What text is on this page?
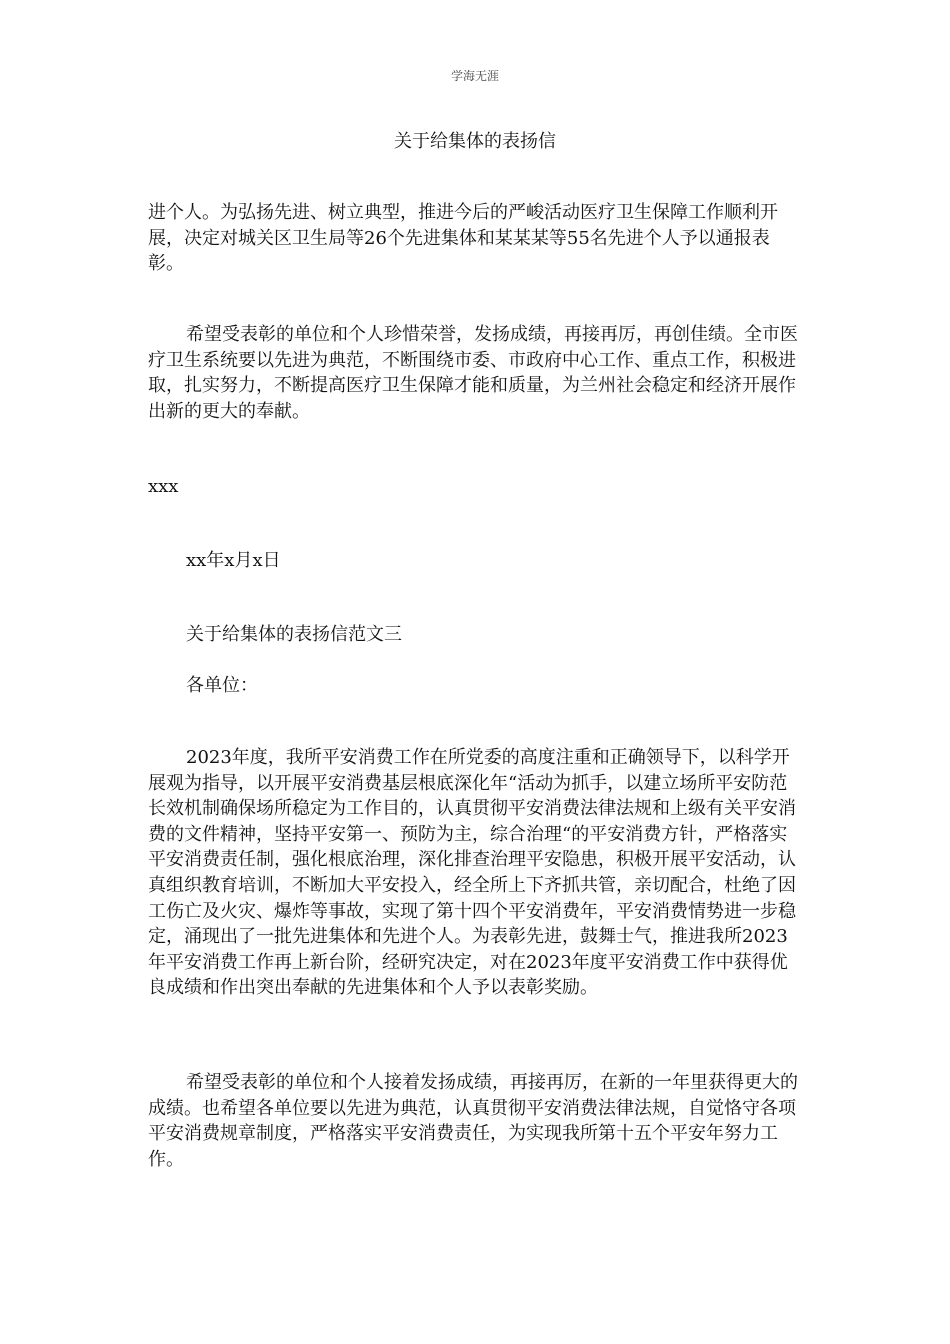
学海无涯
关于给集体的表扬信

进个人。为弘扬先进、树立典型，推进今后的严峻活动医疗卫生保障工作顺利开展，决定对城关区卫生局等26个先进集体和某某某等55名先进个人予以通报表彰。

希望受表彰的单位和个人珍惜荣誉，发扬成绩，再接再厉，再创佳绩。全市医疗卫生系统要以先进为典范，不断围绕市委、市政府中心工作、重点工作，积极进取，扎实努力，不断提高医疗卫生保障才能和质量，为兰州社会稳定和经济开展作出新的更大的奉献。

xxx
xx年x月x日
关于给集体的表扬信范文三
各单位：

2023年度，我所平安消费工作在所党委的高度注重和正确领导下，以科学开展观为指导，以开展平安消费基层根底深化年“活动为抓手，以建立场所平安防范长效机制确保场所稳定为工作目的，认真贯彻平安消费法律法规和上级有关平安消费的文件精神，坚持平安第一、预防为主，综合治理“的平安消费方针，严格落实平安消费责任制，强化根底治理，深化排查治理平安隐患，积极开展平安活动，认真组织教育培训，不断加大平安投入，经全所上下齐抓共管，亲切配合，杜绝了因工伤亡及火灾、爆炸等事故，实现了第十四个平安消费年，平安消费情势进一步稳定，涌现出了一批先进集体和先进个人。为表彰先进，鼓舞士气，推进我所2023年平安消费工作再上新台阶，经研究决定，对在2023年度平安消费工作中获得优良成绩和作出突出奉献的先进集体和个人予以表彰奖励。

希望受表彰的单位和个人接着发扬成绩，再接再厉，在新的一年里获得更大的成绩。也希望各单位要以先进为典范，认真贯彻平安消费法律法规，自觉恪守各项平安消费规章制度，严格落实平安消费责任，为实现我所第十五个平安年努力工作。
